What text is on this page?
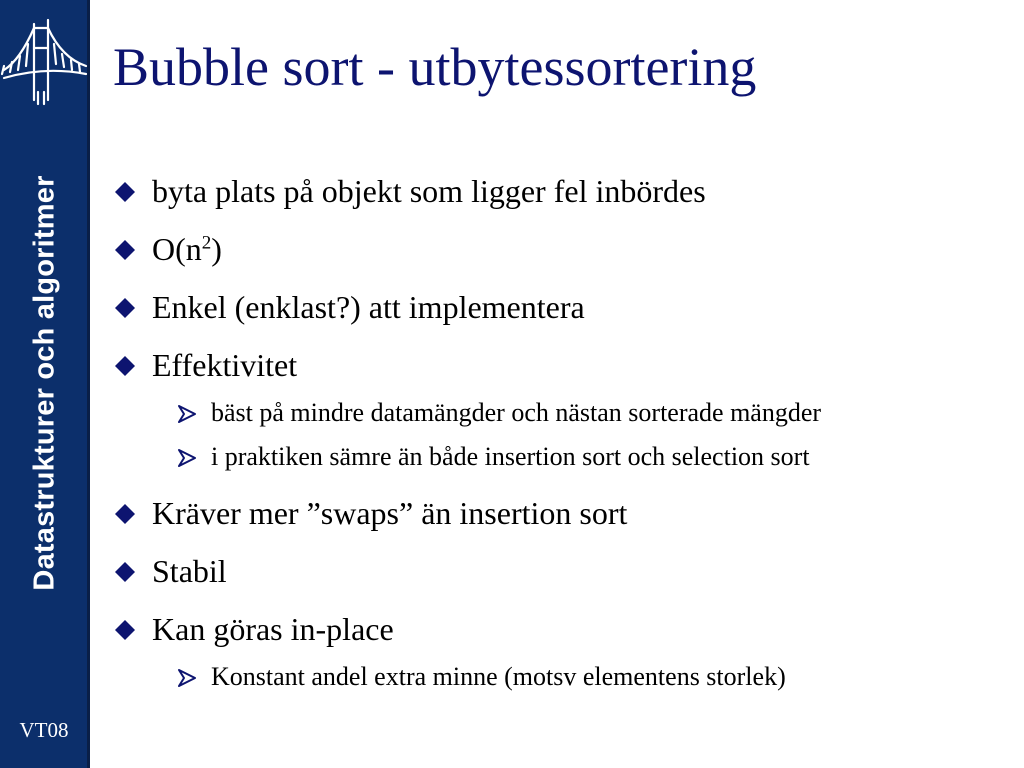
Datastrukturer och algoritmer
VT08
Bubble sort - utbytessortering
byta plats på objekt som ligger fel inbördes
$O(n^2)$
Enkel (enklast?) att implementera
Effektivitet
bäst på mindre datamängder och nästan sorterade mängder
i praktiken sämre än både insertion sort och selection sort
Kräver mer ”swaps” än insertion sort
Stabil
Kan göras in-place
Konstant andel extra minne (motsv elementens storlek)
